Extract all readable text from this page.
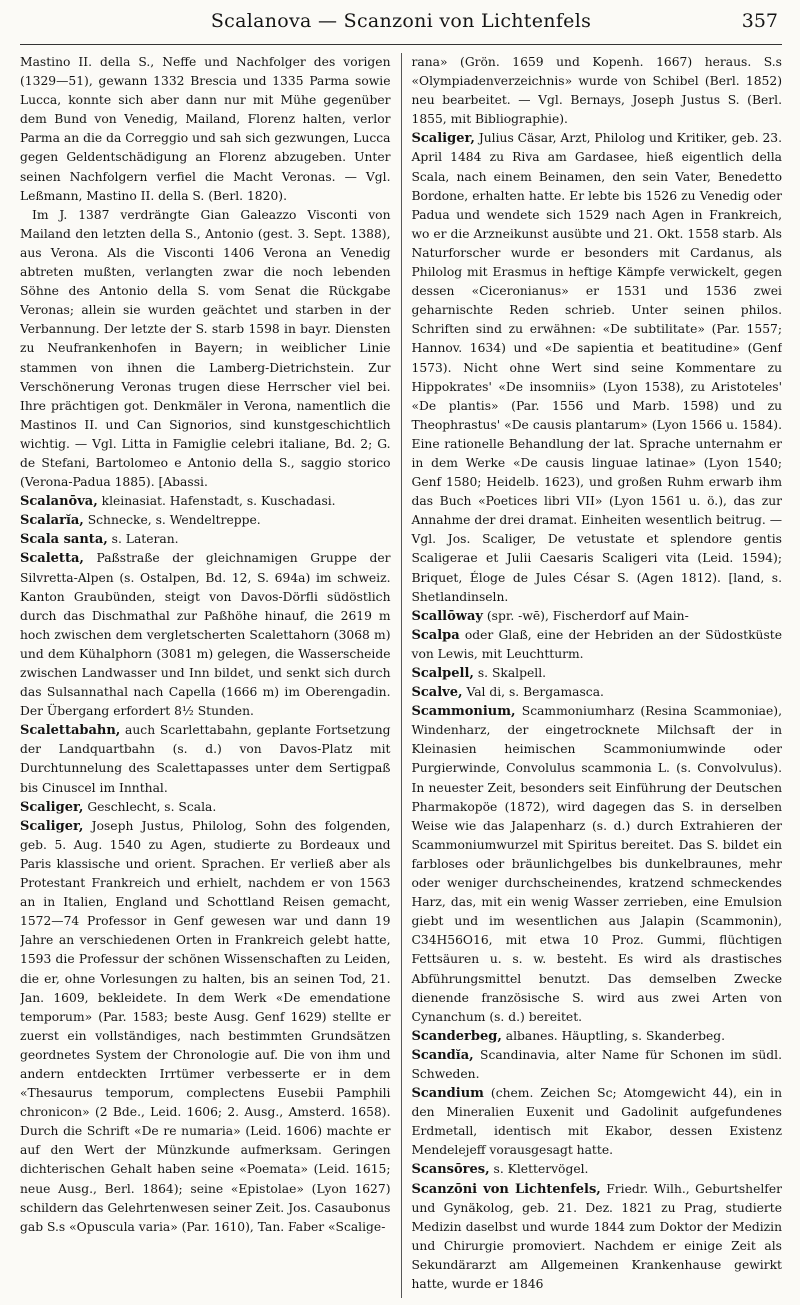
Scalanova — Scanzoni von Lichtenfels	357

Mastino II. della S., Neffe und Nachfolger des vorigen (1329—51), gewann 1332 Brescia und 1335 Parma sowie Lucca, konnte sich aber dann nur mit Mühe gegenüber dem Bund von Venedig, Mailand, Florenz halten, verlor Parma an die da Correggio und sah sich gezwungen, Lucca gegen Geldentschädigung an Florenz abzugeben. Unter seinen Nachfolgern verfiel die Macht Veronas. — Vgl. Leßmann, Mastino II. della S. (Berl. 1820).

Im J. 1387 verdrängte Gian Galeazzo Visconti von Mailand den letzten della S., Antonio (gest. 3. Sept. 1388), aus Verona. Als die Visconti 1406 Verona an Venedig abtreten mußten, verlangten zwar die noch lebenden Söhne des Antonio della S. vom Senat die Rückgabe Veronas; allein sie wurden geächtet und starben in der Verbannung. Der letzte der S. starb 1598 in bayr. Diensten zu Neufrankenhofen in Bayern; in weiblicher Linie stammen von ihnen die Lamberg-Dietrichstein. Zur Verschönerung Veronas trugen diese Herrscher viel bei. Ihre prächtigen got. Denkmäler in Verona, namentlich die Mastinos II. und Can Signorios, sind kunstgeschichtlich wichtig. — Vgl. Litta in Famiglie celebri italiane, Bd. 2; G. de Stefani, Bartolomeo e Antonio della S., saggio storico (Verona-Padua 1885). [Abassi.

Scalanōva, kleinasiat. Hafenstadt, s. Kuschadasi.

Scalarĭa, Schnecke, s. Wendeltreppe.

Scala santa, s. Lateran.

Scaletta, Paßstraße der gleichnamigen Gruppe der Silvretta-Alpen (s. Ostalpen, Bd. 12, S. 694a) im schweiz. Kanton Graubünden, steigt von Davos-Dörfli südöstlich durch das Dischmathal zur Paßhöhe hinauf, die 2619 m hoch zwischen dem vergletscherten Scalettahorn (3068 m) und dem Kühalphorn (3081 m) gelegen, die Wasserscheide zwischen Landwasser und Inn bildet, und senkt sich durch das Sulsannathal nach Capella (1666 m) im Oberengadin. Der Übergang erfordert 8½ Stunden.

Scalettabahn, auch Scarlettabahn, geplante Fortsetzung der Landquartbahn (s. d.) von Davos-Platz mit Durchtunnelung des Scalettapasses unter dem Sertigpaß bis Cinuscel im Innthal.

Scaliger, Geschlecht, s. Scala.

Scaliger, Joseph Justus, Philolog, Sohn des folgenden, geb. 5. Aug. 1540 zu Agen, studierte zu Bordeaux und Paris klassische und orient. Sprachen. Er verließ aber als Protestant Frankreich und erhielt, nachdem er von 1563 an in Italien, England und Schottland Reisen gemacht, 1572—74 Professor in Genf gewesen war und dann 19 Jahre an verschiedenen Orten in Frankreich gelebt hatte, 1593 die Professur der schönen Wissenschaften zu Leiden, die er, ohne Vorlesungen zu halten, bis an seinen Tod, 21. Jan. 1609, bekleidete. In dem Werk «De emendatione temporum» (Par. 1583; beste Ausg. Genf 1629) stellte er zuerst ein vollständiges, nach bestimmten Grundsätzen geordnetes System der Chronologie auf. Die von ihm und andern entdeckten Irrtümer verbesserte er in dem «Thesaurus temporum, complectens Eusebii Pamphili chronicon» (2 Bde., Leid. 1606; 2. Ausg., Amsterd. 1658). Durch die Schrift «De re numaria» (Leid. 1606) machte er auf den Wert der Münzkunde aufmerksam. Geringen dichterischen Gehalt haben seine «Poemata» (Leid. 1615; neue Ausg., Berl. 1864); seine «Epistolae» (Lyon 1627) schildern das Gelehrtenwesen seiner Zeit. Jos. Casaubonus gab S.s «Opuscula varia» (Par. 1610), Tan. Faber «Scalige-

rana» (Grön. 1659 und Kopenh. 1667) heraus. S.s «Olympiadenverzeichnis» wurde von Schibel (Berl. 1852) neu bearbeitet. — Vgl. Bernays, Joseph Justus S. (Berl. 1855, mit Bibliographie).

Scaliger, Julius Cäsar, Arzt, Philolog und Kritiker, geb. 23. April 1484 zu Riva am Gardasee, hieß eigentlich della Scala, nach einem Beinamen, den sein Vater, Benedetto Bordone, erhalten hatte. Er lebte bis 1526 zu Venedig oder Padua und wendete sich 1529 nach Agen in Frankreich, wo er die Arzneikunst ausübte und 21. Okt. 1558 starb. Als Naturforscher wurde er besonders mit Cardanus, als Philolog mit Erasmus in heftige Kämpfe verwickelt, gegen dessen «Ciceronianus» er 1531 und 1536 zwei geharnischte Reden schrieb. Unter seinen philos. Schriften sind zu erwähnen: «De subtilitate» (Par. 1557; Hannov. 1634) und «De sapientia et beatitudine» (Genf 1573). Nicht ohne Wert sind seine Kommentare zu Hippokrates' «De insomniis» (Lyon 1538), zu Aristoteles' «De plantis» (Par. 1556 und Marb. 1598) und zu Theophrastus' «De causis plantarum» (Lyon 1566 u. 1584). Eine rationelle Behandlung der lat. Sprache unternahm er in dem Werke «De causis linguae latinae» (Lyon 1540; Genf 1580; Heidelb. 1623), und großen Ruhm erwarb ihm das Buch «Poetices libri VII» (Lyon 1561 u. ö.), das zur Annahme der drei dramat. Einheiten wesentlich beitrug. — Vgl. Jos. Scaliger, De vetustate et splendore gentis Scaligerae et Julii Caesaris Scaligeri vita (Leid. 1594); Briquet, Éloge de Jules César S. (Agen 1812). [land, s. Shetlandinseln.

Scallōway (spr. -wē), Fischerdorf auf Main-

Scalpa oder Glaß, eine der Hebriden an der Südostküste von Lewis, mit Leuchtturm.

Scalpell, s. Skalpell.

Scalve, Val di, s. Bergamasca.

Scammonium, Scammoniumharz (Resina Scammoniae), Windenharz, der eingetrocknete Milchsaft der in Kleinasien heimischen Scammoniumwinde oder Purgierwinde, Convolulus scammonia L. (s. Convolvulus). In neuester Zeit, besonders seit Einführung der Deutschen Pharmakopöe (1872), wird dagegen das S. in derselben Weise wie das Jalapenharz (s. d.) durch Extrahieren der Scammoniumwurzel mit Spiritus bereitet. Das S. bildet ein farbloses oder bräunlichgelbes bis dunkelbraunes, mehr oder weniger durchscheinendes, kratzend schmeckendes Harz, das, mit ein wenig Wasser zerrieben, eine Emulsion giebt und im wesentlichen aus Jalapin (Scammonin), C34H56O16, mit etwa 10 Proz. Gummi, flüchtigen Fettsäuren u. s. w. besteht. Es wird als drastisches Abführungsmittel benutzt. Das demselben Zwecke dienende französische S. wird aus zwei Arten von Cynanchum (s. d.) bereitet.

Scanderbeg, albanes. Häuptling, s. Skanderbeg.

Scandĭa, Scandinavia, alter Name für Schonen im südl. Schweden.

Scandium (chem. Zeichen Sc; Atomgewicht 44), ein in den Mineralien Euxenit und Gadolinit aufgefundenes Erdmetall, identisch mit Ekabor, dessen Existenz Mendelejeff vorausgesagt hatte.

Scansōres, s. Klettervögel.

Scanzōni von Lichtenfels, Friedr. Wilh., Geburtshelfer und Gynäkolog, geb. 21. Dez. 1821 zu Prag, studierte Medizin daselbst und wurde 1844 zum Doktor der Medizin und Chirurgie promoviert. Nachdem er einige Zeit als Sekundärarzt am Allgemeinen Krankenhause gewirkt hatte, wurde er 1846
